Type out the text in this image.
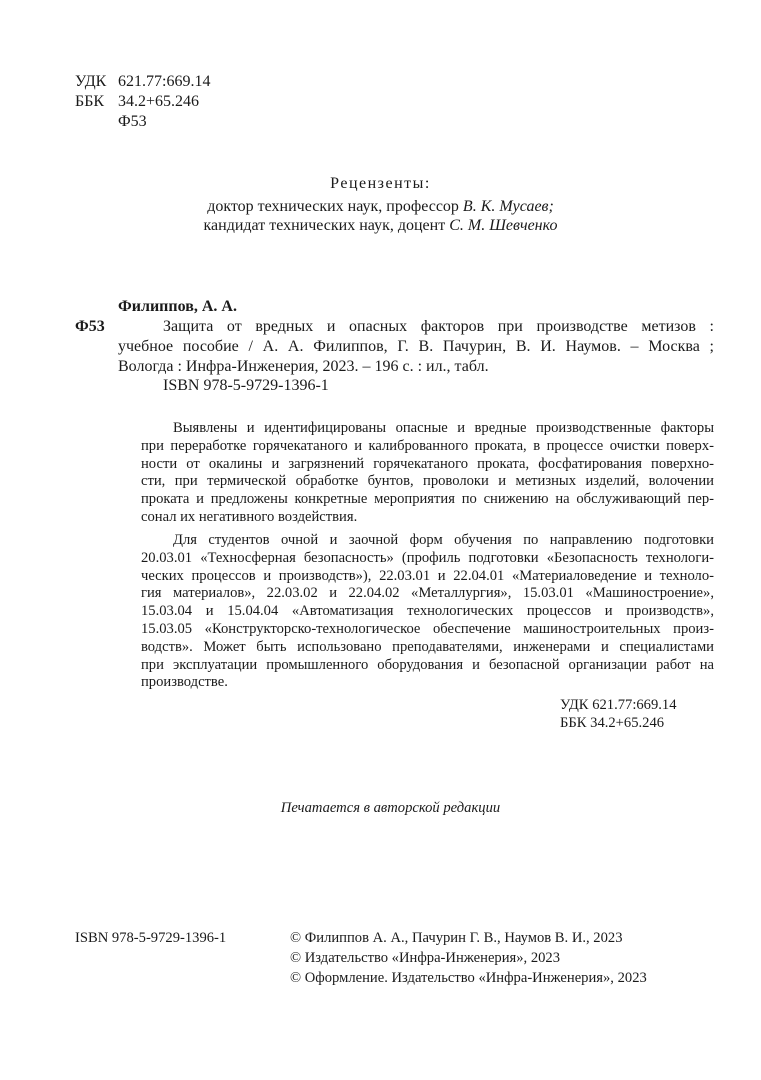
УДК 621.77:669.14
ББК 34.2+65.246
Ф53
Рецензенты:
доктор технических наук, профессор В. К. Мусаев;
кандидат технических наук, доцент С. М. Шевченко
Филиппов, А. А.
Ф53	Защита от вредных и опасных факторов при производстве метизов :
учебное пособие / А. А. Филиппов, Г. В. Пачурин, В. И. Наумов. – Москва ;
Вологда : Инфра-Инженерия, 2023. – 196 с. : ил., табл.
ISBN 978-5-9729-1396-1
Выявлены и идентифицированы опасные и вредные производственные факторы
при переработке горячекатаного и калиброванного проката, в процессе очистки поверх-
ности от окалины и загрязнений горячекатаного проката, фосфатирования поверхно-
сти, при термической обработке бунтов, проволоки и метизных изделий, волочении
проката и предложены конкретные мероприятия по снижению на обслуживающий пер-
сонал их негативного воздействия.
Для студентов очной и заочной форм обучения по направлению подготовки
20.03.01 «Техносферная безопасность» (профиль подготовки «Безопасность технологи-
ческих процессов и производств»), 22.03.01 и 22.04.01 «Материаловедение и техноло-
гия материалов», 22.03.02 и 22.04.02 «Металлургия», 15.03.01 «Машиностроение»,
15.03.04 и 15.04.04 «Автоматизация технологических процессов и производств»,
15.03.05 «Конструкторско-технологическое обеспечение машиностроительных произ-
водств». Может быть использовано преподавателями, инженерами и специалистами
при эксплуатации промышленного оборудования и безопасной организации работ на
производстве.
УДК 621.77:669.14
ББК 34.2+65.246
Печатается в авторской редакции
ISBN 978-5-9729-1396-1	© Филиппов А. А., Пачурин Г. В., Наумов В. И., 2023
© Издательство «Инфра-Инженерия», 2023
© Оформление. Издательство «Инфра-Инженерия», 2023
